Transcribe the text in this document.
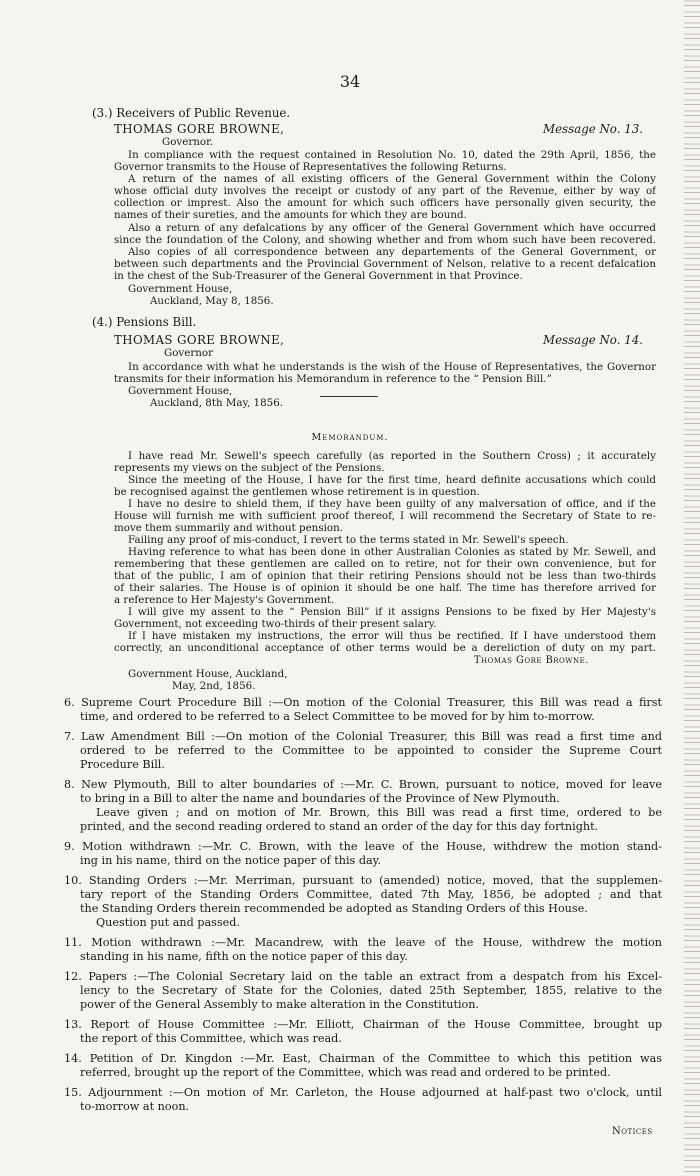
34
(3.) Receivers of Public Revenue.
THOMAS GORE BROWNE,	Message No. 13.
Governor.
In compliance with the request contained in Resolution No. 10, dated the 29th April, 1856, the
Governor transmits to the House of Representatives the following Returns.
A return of the names of all existing officers of the General Government within the Colony
whose official duty involves the receipt or custody of any part of the Revenue, either by way of
collection or imprest. Also the amount for which such officers have personally given security, the
names of their sureties, and the amounts for which they are bound.
Also a return of any defalcations by any officer of the General Government which have occurred
since the foundation of the Colony, and showing whether and from whom such have been recovered.
Also copies of all correspondence between any departements of the General Government, or
between such departments and the Provincial Government of Nelson, relative to a recent defalcation
in the chest of the Sub-Treasurer of the General Government in that Province.
Government House,
Auckland, May 8, 1856.
(4.) Pensions Bill.
THOMAS GORE BROWNE,	Message No. 14.
Governor
In accordance with what he understands is the wish of the House of Representatives, the Governor
transmits for their information his Memorandum in reference to the “ Pension Bill.”
Government House,
Auckland, 8th May, 1856.
Memorandum.
I have read Mr. Sewell's speech carefully (as reported in the Southern Cross) ; it accurately
represents my views on the subject of the Pensions.
Since the meeting of the House, I have for the first time, heard definite accusations which could
be recognised against the gentlemen whose retirement is in question.
I have no desire to shield them, if they have been guilty of any malversation of office, and if the
House will furnish me with sufficient proof thereof, I will recommend the Secretary of State to re-
move them summarily and without pension.
Failing any proof of mis-conduct, I revert to the terms stated in Mr. Sewell's speech.
Having reference to what has been done in other Australian Colonies as stated by Mr. Sewell, and
remembering that these gentlemen are called on to retire, not for their own convenience, but for
that of the public, I am of opinion that their retiring Pensions should not be less than two-thirds
of their salaries. The House is of opinion it should be one half. The time has therefore arrived for
a reference to Her Majesty's Government.
I will give my assent to the “ Pension Bill” if it assigns Pensions to be fixed by Her Majesty's
Government, not exceeding two-thirds of their present salary.
If I have mistaken my instructions, the error will thus be rectified. If I have understood them
correctly, an unconditional acceptance of other terms would be a dereliction of duty on my part.
Thomas Gore Browne.
Government House, Auckland,
May, 2nd, 1856.
6. Supreme Court Procedure Bill :—On motion of the Colonial Treasurer, this Bill was read a first
time, and ordered to be referred to a Select Committee to be moved for by him to-morrow.
7. Law Amendment Bill :—On motion of the Colonial Treasurer, this Bill was read a first time and
ordered to be referred to the Committee to be appointed to consider the Supreme Court
Procedure Bill.
8. New Plymouth, Bill to alter boundaries of :—Mr. C. Brown, pursuant to notice, moved for leave
to bring in a Bill to alter the name and boundaries of the Province of New Plymouth.
Leave given ; and on motion of Mr. Brown, this Bill was read a first time, ordered to be
printed, and the second reading ordered to stand an order of the day for this day fortnight.
9. Motion withdrawn :—Mr. C. Brown, with the leave of the House, withdrew the motion stand-
ing in his name, third on the notice paper of this day.
10. Standing Orders :—Mr. Merriman, pursuant to (amended) notice, moved, that the supplemen-
tary report of the Standing Orders Committee, dated 7th May, 1856, be adopted ; and that
the Standing Orders therein recommended be adopted as Standing Orders of this House.
Question put and passed.
11. Motion withdrawn :—Mr. Macandrew, with the leave of the House, withdrew the motion
standing in his name, fifth on the notice paper of this day.
12. Papers :—The Colonial Secretary laid on the table an extract from a despatch from his Excel-
lency to the Secretary of State for the Colonies, dated 25th September, 1855, relative to the
power of the General Assembly to make alteration in the Constitution.
13. Report of House Committee :—Mr. Elliott, Chairman of the House Committee, brought up
the report of this Committee, which was read.
14. Petition of Dr. Kingdon :—Mr. East, Chairman of the Committee to which this petition was
referred, brought up the report of the Committee, which was read and ordered to be printed.
15. Adjournment :—On motion of Mr. Carleton, the House adjourned at half-past two o'clock, until
to-morrow at noon.
Notices
